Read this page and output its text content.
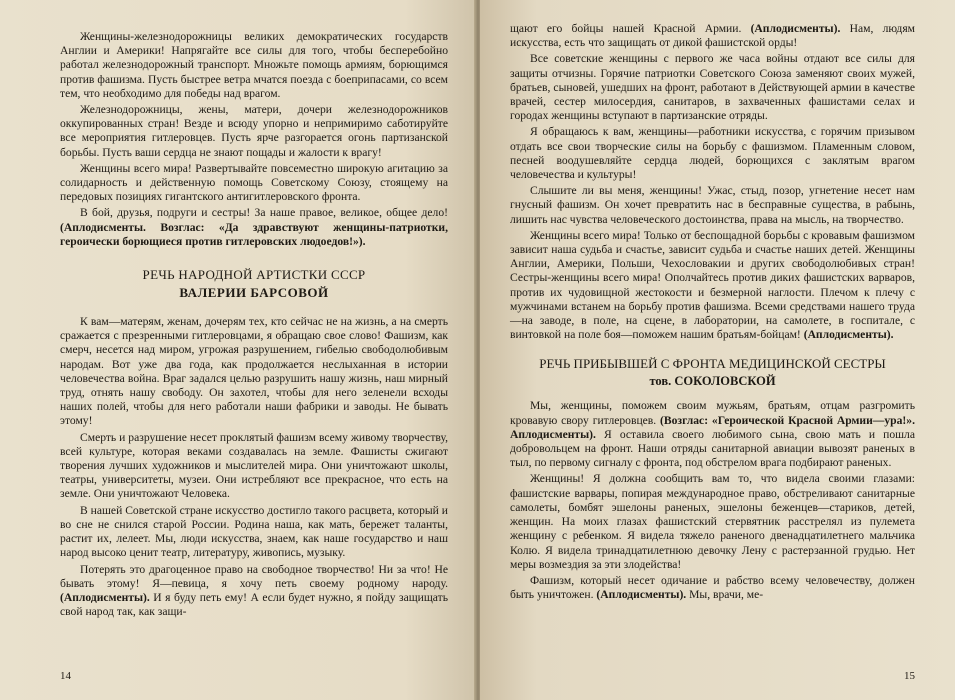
Женщины-железнодорожницы великих демократических государств Англии и Америки! Напрягайте все силы для того, чтобы бесперебойно работал железнодорожный транспорт. Множьте помощь армиям, борющимся против фашизма. Пусть быстрее ветра мчатся поезда с боеприпасами, со всем тем, что необходимо для победы над врагом.

Железнодорожницы, жены, матери, дочери железнодорожников оккупированных стран! Везде и всюду упорно и непримиримо саботируйте все мероприятия гитлеровцев. Пусть ярче разгорается огонь партизанской борьбы. Пусть ваши сердца не знают пощады и жалости к врагу!

Женщины всего мира! Развертывайте повсеместно широкую агитацию за солидарность и действенную помощь Советскому Союзу, стоящему на передовых позициях гигантского антигитлеровского фронта.

В бой, друзья, подруги и сестры! За наше правое, великое, общее дело! (Аплодисменты. Возглас: «Да здравствуют женщины-патриотки, героически борющиеся против гитлеровских людоедов!»).

РЕЧЬ НАРОДНОЙ АРТИСТКИ СССР
ВАЛЕРИИ БАРСОВОЙ

К вам—матерям, женам, дочерям тех, кто сейчас не на жизнь, а на смерть сражается с презренными гитлеровцами, я обращаю свое слово! Фашизм, как смерч, несется над миром, угрожая разрушением, гибелью свободолюбивым народам. Вот уже два года, как продолжается неслыханная в истории человечества война. Враг задался целью разрушить нашу жизнь, наш мирный труд, отнять нашу свободу. Он захотел, чтобы для него зеленели всходы наших полей, чтобы для него работали наши фабрики и заводы. Не бывать этому!

Смерть и разрушение несет проклятый фашизм всему живому творчеству, всей культуре, которая веками создавалась на земле. Фашисты сжигают творения лучших художников и мыслителей мира. Они уничтожают школы, театры, университеты, музеи. Они истребляют все прекрасное, что есть на земле. Они уничтожают Человека.

В нашей Советской стране искусство достигло такого расцвета, который и во сне не снился старой России. Родина наша, как мать, бережет таланты, растит их, лелеет. Мы, люди искусства, знаем, как наше государство и наш народ высоко ценит театр, литературу, живопись, музыку.

Потерять это драгоценное право на свободное творчество! Ни за что! Не бывать этому! Я—певица, я хочу петь своему родному народу. (Аплодисменты). И я буду петь ему! А если будет нужно, я пойду защищать свой народ так, как защи-

14

щают его бойцы нашей Красной Армии. (Аплодисменты). Нам, людям искусства, есть что защищать от дикой фашистской орды!

Все советские женщины с первого же часа войны отдают все силы для защиты отчизны. Горячие патриотки Советского Союза заменяют своих мужей, братьев, сыновей, ушедших на фронт, работают в Действующей армии в качестве врачей, сестер милосердия, санитаров, в захваченных фашистами селах и городах женщины вступают в партизанские отряды.

Я обращаюсь к вам, женщины—работники искусства, с горячим призывом отдать все свои творческие силы на борьбу с фашизмом. Пламенным словом, песней воодушевляйте сердца людей, борющихся с заклятым врагом человечества и культуры!

Слышите ли вы меня, женщины! Ужас, стыд, позор, угнетение несет нам гнусный фашизм. Он хочет превратить нас в бесправные существа, в рабынь, лишить нас чувства человеческого достоинства, права на мысль, на творчество.

Женщины всего мира! Только от беспощадной борьбы с кровавым фашизмом зависит наша судьба и счастье, зависит судьба и счастье наших детей. Женщины Англии, Америки, Польши, Чехословакии и других свободолюбивых стран! Сестры-женщины всего мира! Ополчайтесь против диких фашистских варваров, против их чудовищной жестокости и безмерной наглости. Плечом к плечу с мужчинами встанем на борьбу против фашизма. Всеми средствами нашего труда—на заводе, в поле, на сцене, в лаборатории, на самолете, в госпитале, с винтовкой на поле боя—поможем нашим братьям-бойцам! (Аплодисменты).

РЕЧЬ ПРИБЫВШЕЙ С ФРОНТА МЕДИЦИНСКОЙ СЕСТРЫ
тов. СОКОЛОВСКОЙ

Мы, женщины, поможем своим мужьям, братьям, отцам разгромить кровавую свору гитлеровцев. (Возглас: «Героической Красной Армии—ура!». Аплодисменты). Я оставила своего любимого сына, свою мать и пошла добровольцем на фронт. Наши отряды санитарной авиации вывозят раненых в тыл, по первому сигналу с фронта, под обстрелом врага подбирают раненых.

Женщины! Я должна сообщить вам то, что видела своими глазами: фашистские варвары, попирая международное право, обстреливают санитарные самолеты, бомбят эшелоны раненых, эшелоны беженцев—стариков, детей, женщин. На моих глазах фашистский стервятник расстрелял из пулемета женщину с ребенком. Я видела тяжело раненого двенадцатилетнего мальчика Колю. Я видела тринадцатилетнюю девочку Лену с растерзанной грудью. Нет меры возмездия за эти злодейства!

Фашизм, который несет одичание и рабство всему человечеству, должен быть уничтожен. (Аплодисменты). Мы, врачи, ме-

15
